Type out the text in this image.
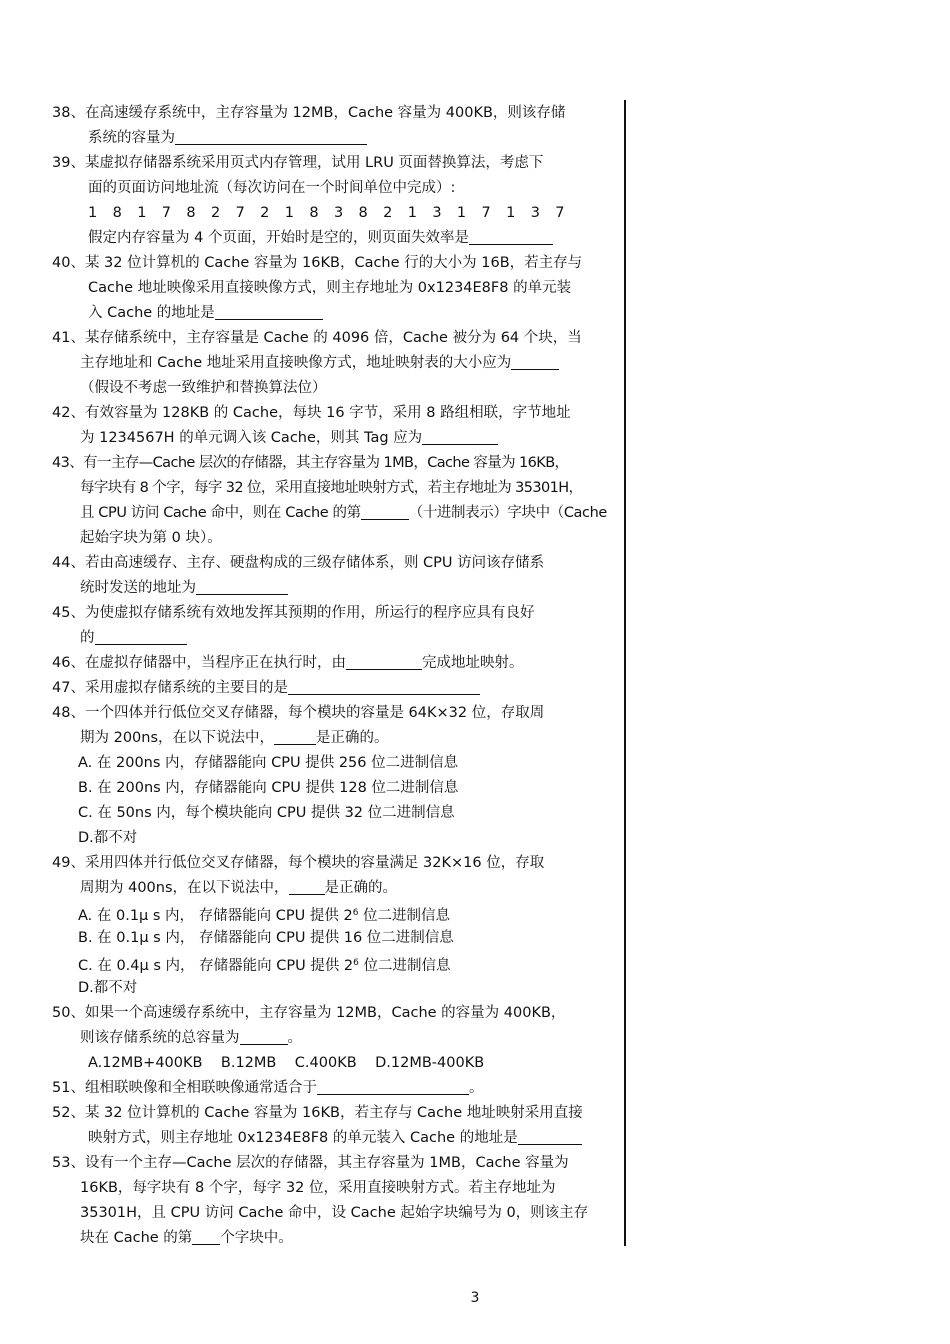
38、在高速缓存系统中，主存容量为 12MB，Cache 容量为 400KB，则该存储
系统的容量为
39、某虚拟存储器系统采用页式内存管理，试用 LRU 页面替换算法，考虑下
面的页面访问地址流（每次访问在一个时间单位中完成）:
1 8 1 7 8 2 7 2 1 8 3 8 2 1 3 1 7 1 3 7
假定内存容量为 4 个页面，开始时是空的，则页面失效率是
40、某 32 位计算机的 Cache 容量为 16KB，Cache 行的大小为 16B，若主存与
Cache 地址映像采用直接映像方式，则主存地址为 0x1234E8F8 的单元装
入 Cache 的地址是
41、某存储系统中，主存容量是 Cache 的 4096 倍，Cache 被分为 64 个块，当
主存地址和 Cache 地址采用直接映像方式，地址映射表的大小应为
（假设不考虑一致维护和替换算法位）
42、有效容量为 128KB 的 Cache，每块 16 字节，采用 8 路组相联，字节地址
为 1234567H 的单元调入该 Cache，则其 Tag 应为
43、有一主存—Cache 层次的存储器，其主存容量为 1MB，Cache 容量为 16KB，
每字块有 8 个字，每字 32 位，采用直接地址映射方式，若主存地址为 35301H，
且 CPU 访问 Cache 命中，则在 Cache 的第	（十进制表示）字块中（Cache
起始字块为第 0 块）。
44、若由高速缓存、主存、硬盘构成的三级存储体系，则 CPU 访问该存储系
统时发送的地址为
45、为使虚拟存储系统有效地发挥其预期的作用，所运行的程序应具有良好
的
46、在虚拟存储器中，当程序正在执行时，由	完成地址映射。
47、采用虚拟存储系统的主要目的是
48、一个四体并行低位交叉存储器，每个模块的容量是 64K×32 位，存取周
期为 200ns，在以下说法中，	是正确的。
A. 在 200ns 内，存储器能向 CPU 提供 256 位二进制信息
B. 在 200ns 内，存储器能向 CPU 提供 128 位二进制信息
C. 在 50ns 内，每个模块能向 CPU 提供 32 位二进制信息
D.都不对
49、采用四体并行低位交叉存储器，每个模块的容量满足 32K×16 位，存取
周期为 400ns，在以下说法中， 是正确的。
A. 在 0.1μ s 内， 存储器能向 CPU 提供 $2^6$ 位二进制信息
B. 在 0.1μ s 内， 存储器能向 CPU 提供 16 位二进制信息
C. 在 0.4μ s 内， 存储器能向 CPU 提供 $2^6$ 位二进制信息
D.都不对
50、如果一个高速缓存系统中，主存容量为 12MB，Cache 的容量为 400KB，
则该存储系统的总容量为	。
A.12MB+400KB    B.12MB    C.400KB    D.12MB-400KB
51、组相联映像和全相联映像通常适合于	。
52、某 32 位计算机的 Cache 容量为 16KB，若主存与 Cache 地址映射采用直接
映射方式，则主存地址 0x1234E8F8 的单元装入 Cache 的地址是
53、设有一个主存—Cache 层次的存储器，其主存容量为 1MB，Cache 容量为
16KB，每字块有 8 个字，每字 32 位，采用直接映射方式。若主存地址为
35301H，且 CPU 访问 Cache 命中，设 Cache 起始字块编号为 0，则该主存
块在 Cache 的第 个字块中。
3
